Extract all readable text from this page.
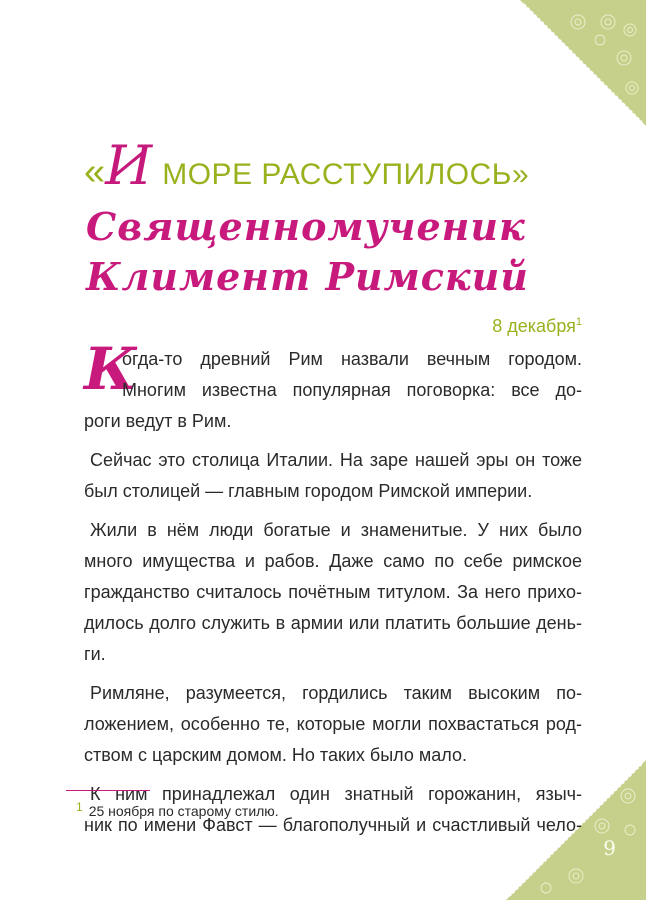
9
«И МОРЕ РАССТУПИЛОСЬ»
Священномученик
Климент Римский
8 декабря$^1$
К
огда-то древний Рим назвали вечным городом.
Многим известна популярная поговорка: все до-
роги ведут в Рим.
Сейчас это столица Италии. На заре нашей эры он тоже
был столицей — главным городом Римской империи.
Жили в нём люди богатые и знаменитые. У них было
много имущества и рабов. Даже само по себе римское
гражданство считалось почётным титулом. За него прихо-
дилось долго служить в армии или платить большие день-
ги.
Римляне, разумеется, гордились таким высоким по-
ложением, особенно те, которые могли похвастаться род-
ством с царским домом. Но таких было мало.
К ним принадлежал один знатный горожанин, языч-
ник по имени Фавст — благополучный и счастливый чело-
1 25 ноября по старому стилю.
